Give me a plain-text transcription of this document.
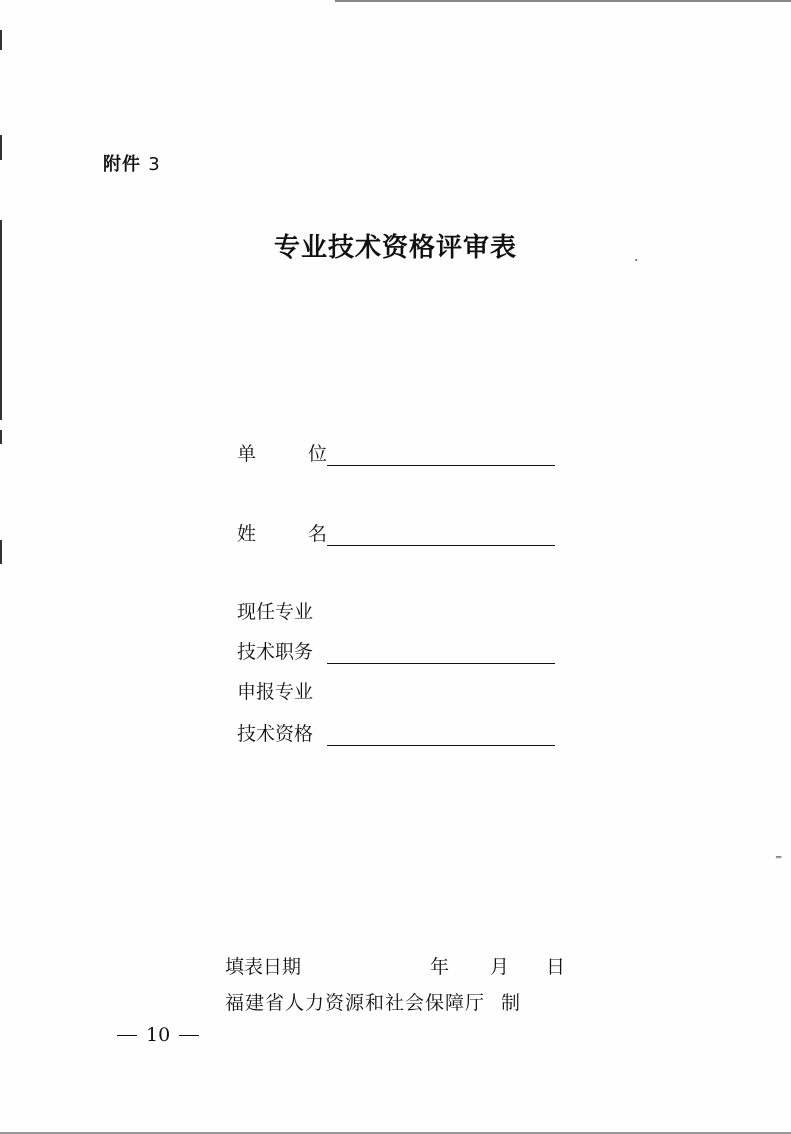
·
⁼
附件 3
专业技术资格评审表
单	位
姓	名
现任专业
技术职务
申报专业
技术资格
填表日期	年 月 日
福建省人力资源和社会保障厅 制
10
